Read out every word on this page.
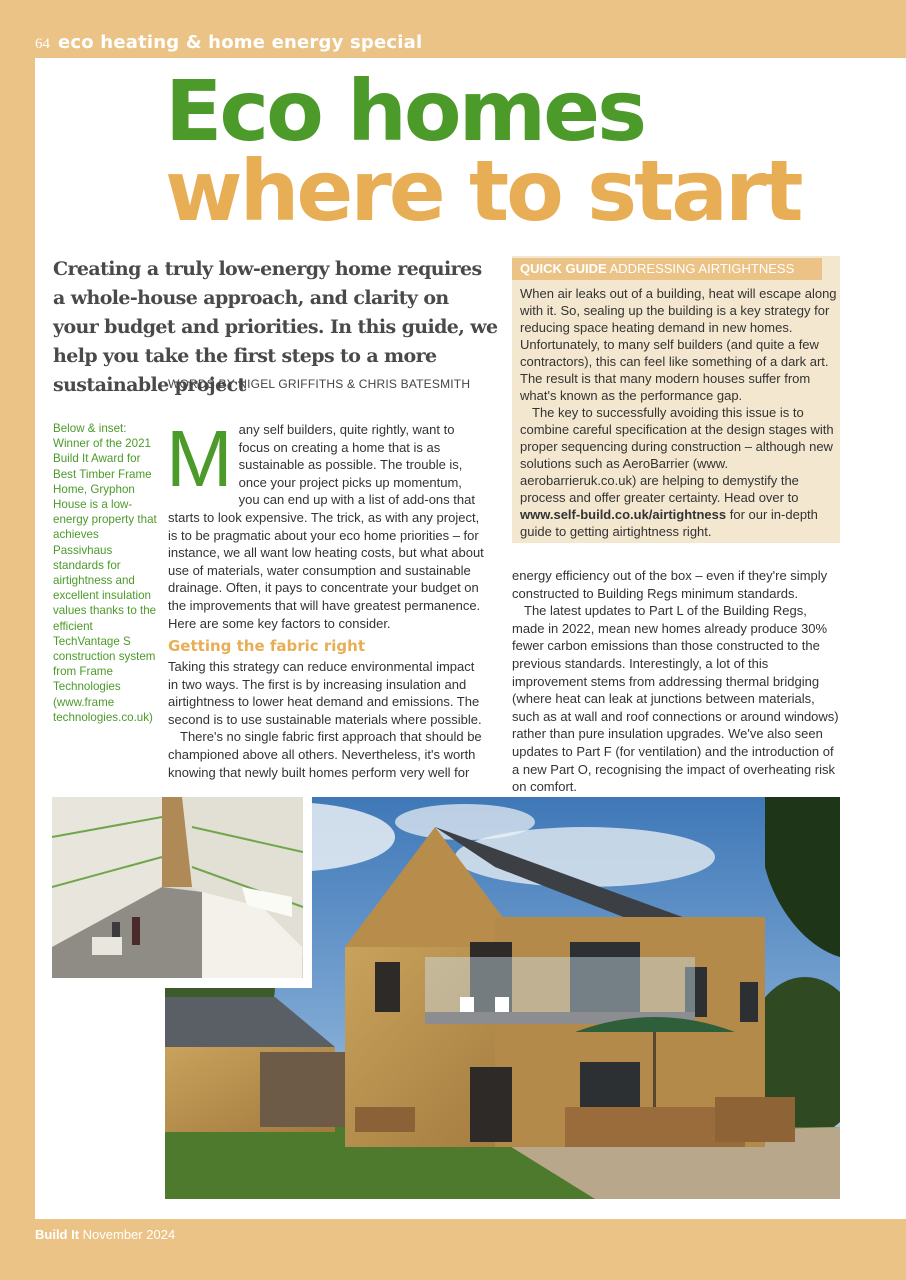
64 eco heating & home energy special
Eco homes
where to start
Creating a truly low-energy home requires a whole-house approach, and clarity on your budget and priorities. In this guide, we help you take the first steps to a more sustainable project
WORDS BY NIGEL GRIFFITHS & CHRIS BATESMITH
Below & inset: Winner of the 2021 Build It Award for Best Timber Frame Home, Gryphon House is a low-energy property that achieves Passivhaus standards for airtightness and excellent insulation values thanks to the efficient TechVantage S construction system from Frame Technologies (www.frame technologies.co.uk)
M any self builders, quite rightly, want to focus on creating a home that is as sustainable as possible. The trouble is, once your project picks up momentum, you can end up with a list of add-ons that starts to look expensive. The trick, as with any project, is to be pragmatic about your eco home priorities – for instance, we all want low heating costs, but what about use of materials, water consumption and sustainable drainage. Often, it pays to concentrate your budget on the improvements that will have greatest permanence. Here are some key factors to consider.

Getting the fabric right

Taking this strategy can reduce environmental impact in two ways. The first is by increasing insulation and airtightness to lower heat demand and emissions. The second is to use sustainable materials where possible.

There's no single fabric first approach that should be championed above all others. Nevertheless, it's worth knowing that newly built homes perform very well for

QUICK GUIDE ADDRESSING AIRTIGHTNESS

When air leaks out of a building, heat will escape along with it. So, sealing up the building is a key strategy for reducing space heating demand in new homes. Unfortunately, to many self builders (and quite a few contractors), this can feel like something of a dark art. The result is that many modern houses suffer from what's known as the performance gap.

The key to successfully avoiding this issue is to combine careful specification at the design stages with proper sequencing during construction – although new solutions such as AeroBarrier (www. aerobarrieruk.co.uk) are helping to demystify the process and offer greater certainty. Head over to www.self-build.co.uk/airtightness for our in-depth guide to getting airtightness right.

energy efficiency out of the box – even if they're simply constructed to Building Regs minimum standards.

The latest updates to Part L of the Building Regs, made in 2022, mean new homes already produce 30% fewer carbon emissions than those constructed to the previous standards. Interestingly, a lot of this improvement stems from addressing thermal bridging (where heat can leak at junctions between materials, such as at wall and roof connections or around windows) rather than pure insulation upgrades. We've also seen updates to Part F (for ventilation) and the introduction of a new Part O, recognising the impact of overheating risk on comfort.

Build It November 2024
